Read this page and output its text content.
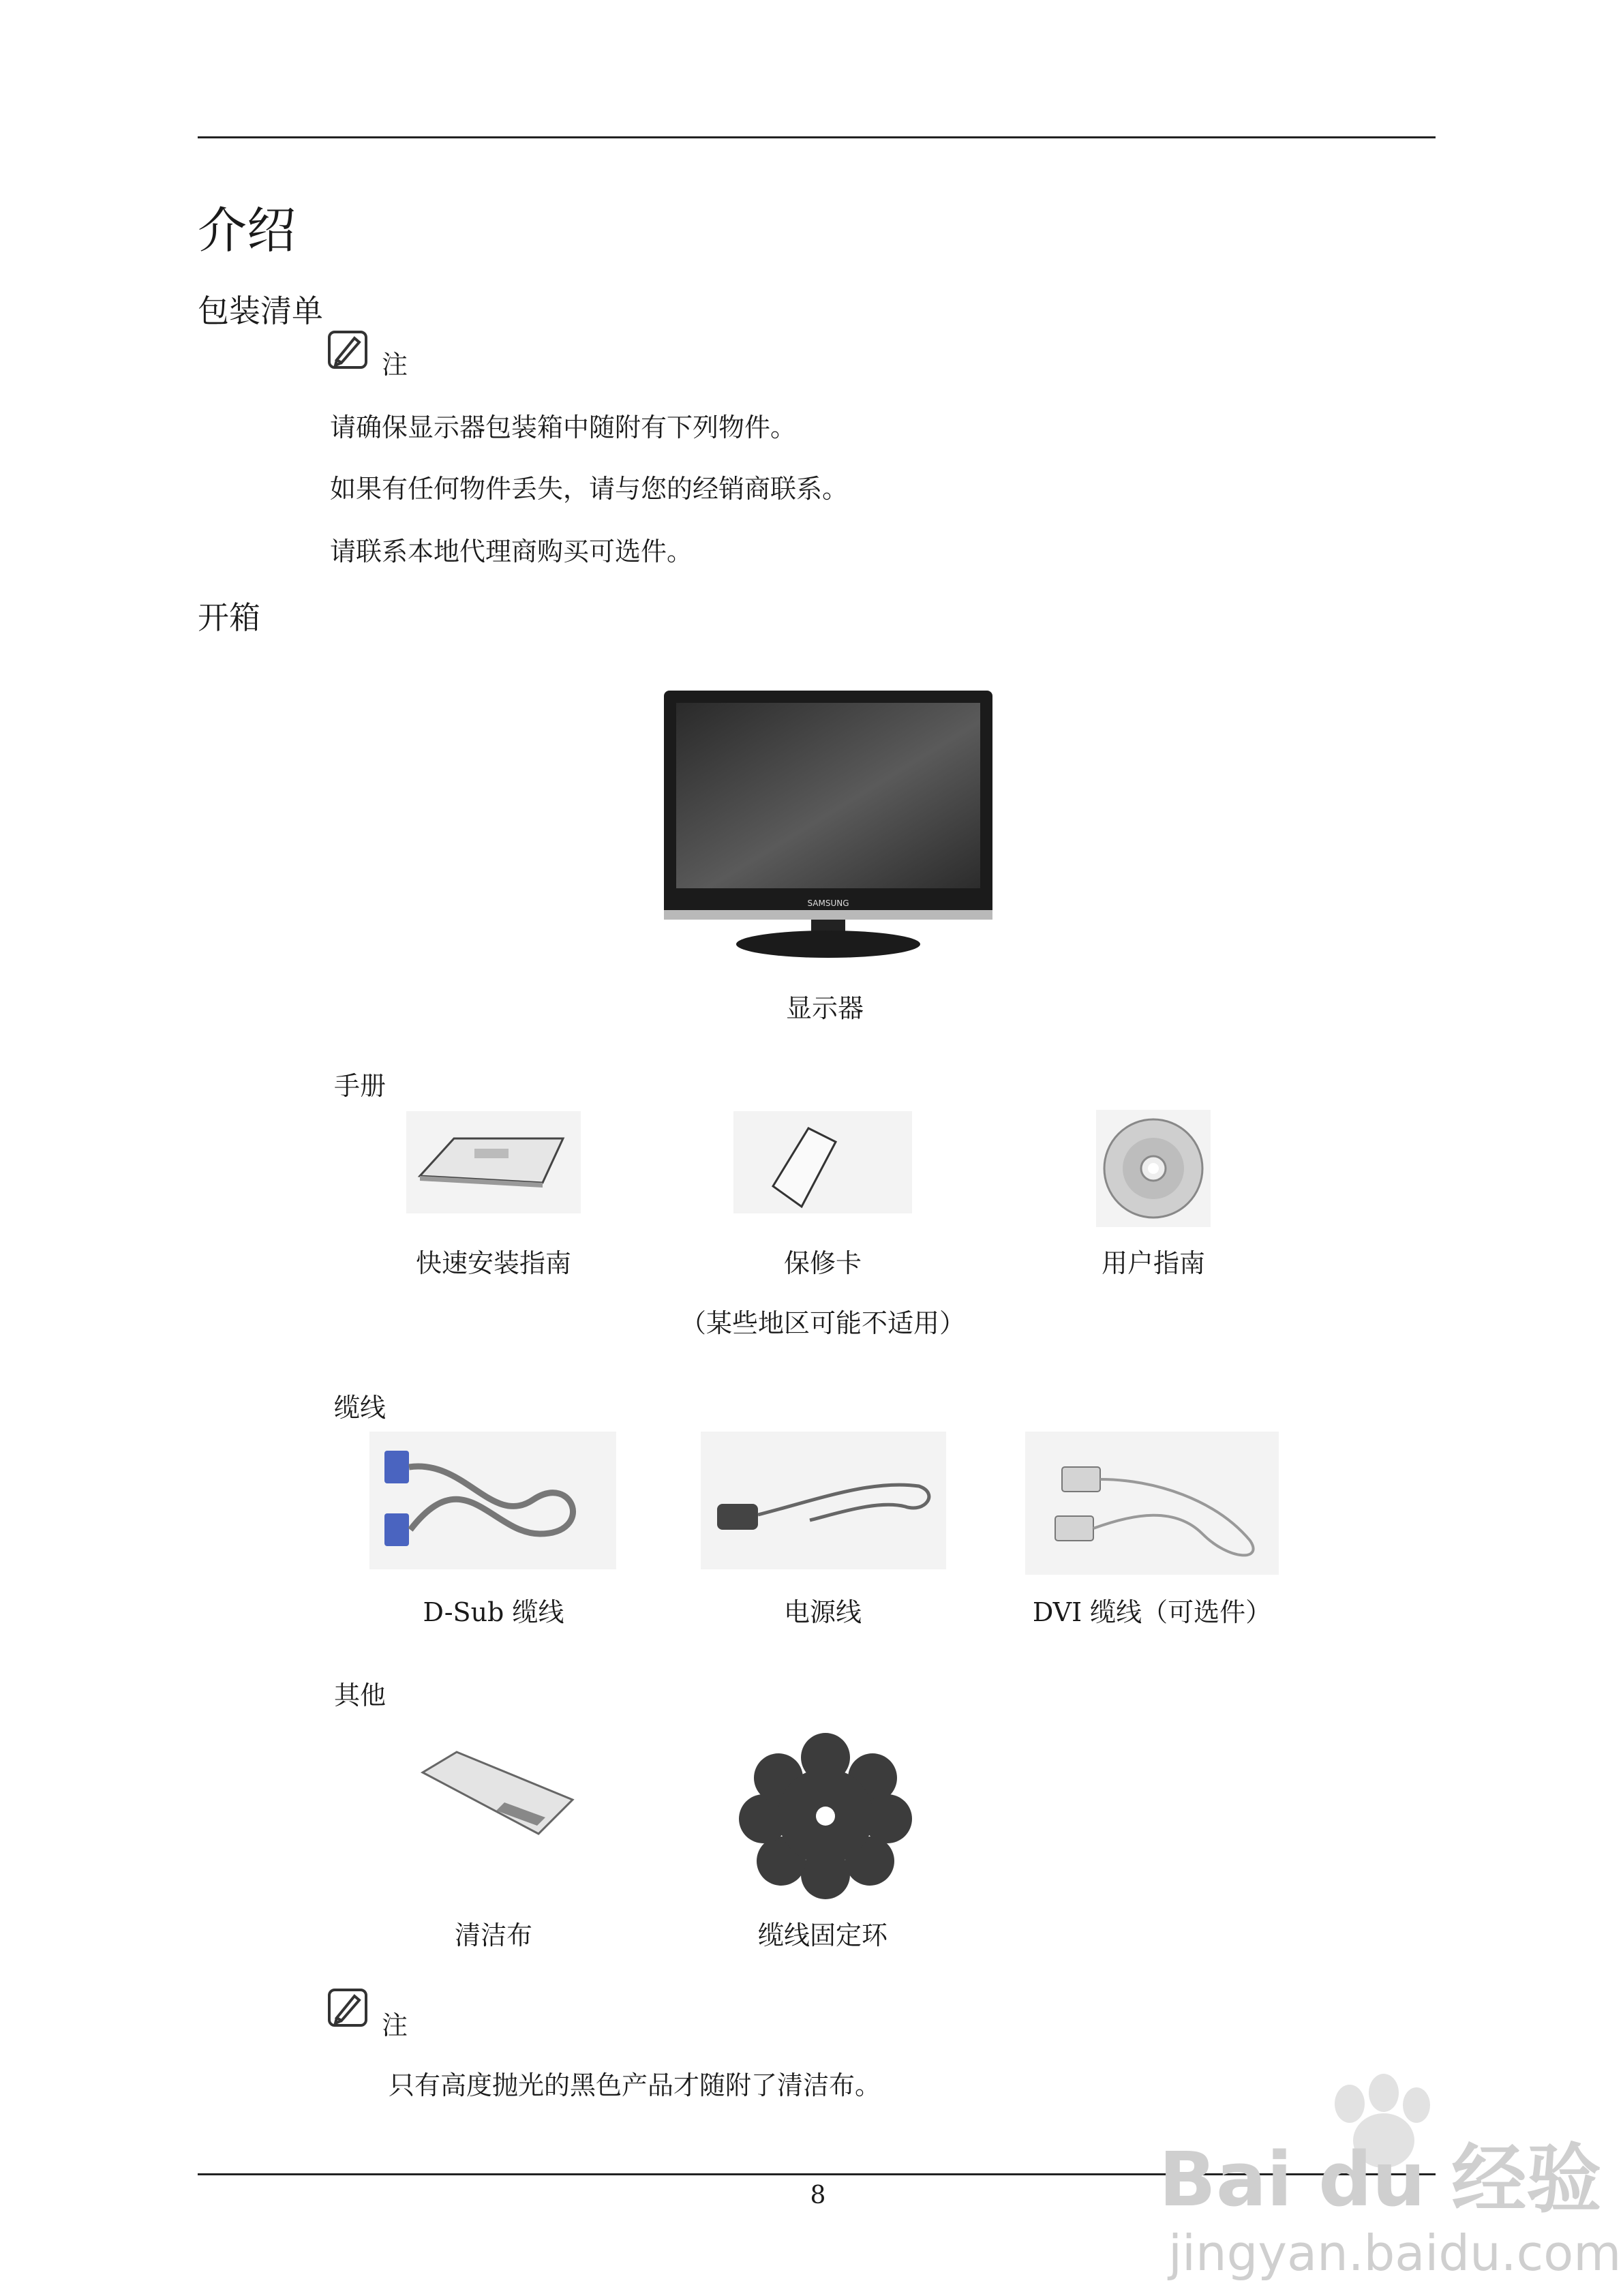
介绍
包装清单
注
请确保显示器包装箱中随附有下列物件。
如果有任何物件丢失，请与您的经销商联系。
请联系本地代理商购买可选件。
开箱
SAMSUNG
显示器
手册
快速安装指南	保修卡	用户指南
（某些地区可能不适用）
缆线
D-Sub 缆线	电源线	DVI 缆线（可选件）
其他
清洁布	缆线固定环
注
只有高度抛光的黑色产品才随附了清洁布。
8	Bai du 经验
jingyan.baidu.com
